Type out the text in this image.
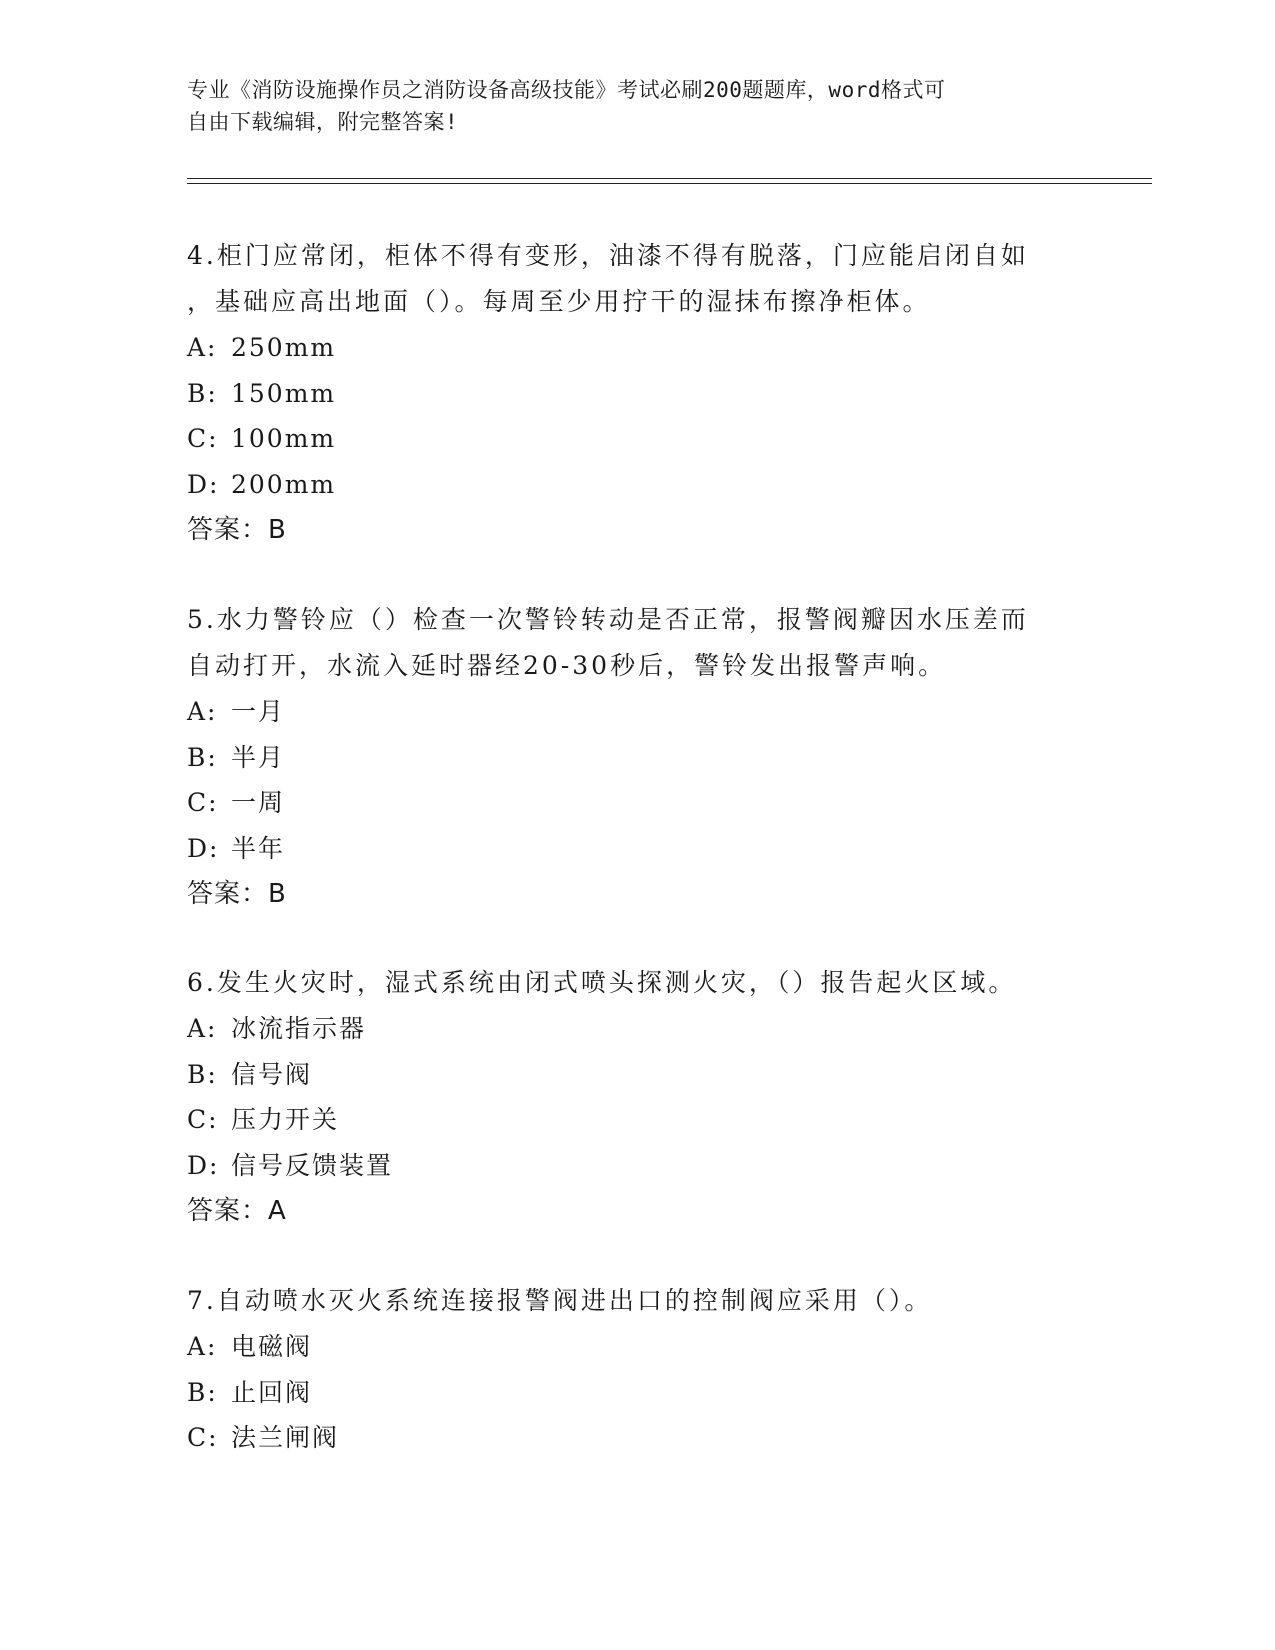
专业《消防设施操作员之消防设备高级技能》考试必刷200题题库，word格式可
自由下载编辑，附完整答案!
4.柜门应常闭，柜体不得有变形，油漆不得有脱落，门应能启闭自如
，基础应高出地面（）。每周至少用拧干的湿抹布擦净柜体。
A: 250mm
B: 150mm
C: 100mm
D: 200mm
答案：B
5.水力警铃应（）检查一次警铃转动是否正常，报警阀瓣因水压差而
自动打开，水流入延时器经20-30秒后，警铃发出报警声响。
A: 一月
B: 半月
C: 一周
D: 半年
答案：B
6.发生火灾时，湿式系统由闭式喷头探测火灾，（）报告起火区域。
A: 冰流指示器
B: 信号阀
C: 压力开关
D: 信号反馈装置
答案：A
7.自动喷水灭火系统连接报警阀进出口的控制阀应采用（）。
A: 电磁阀
B: 止回阀
C: 法兰闸阀
